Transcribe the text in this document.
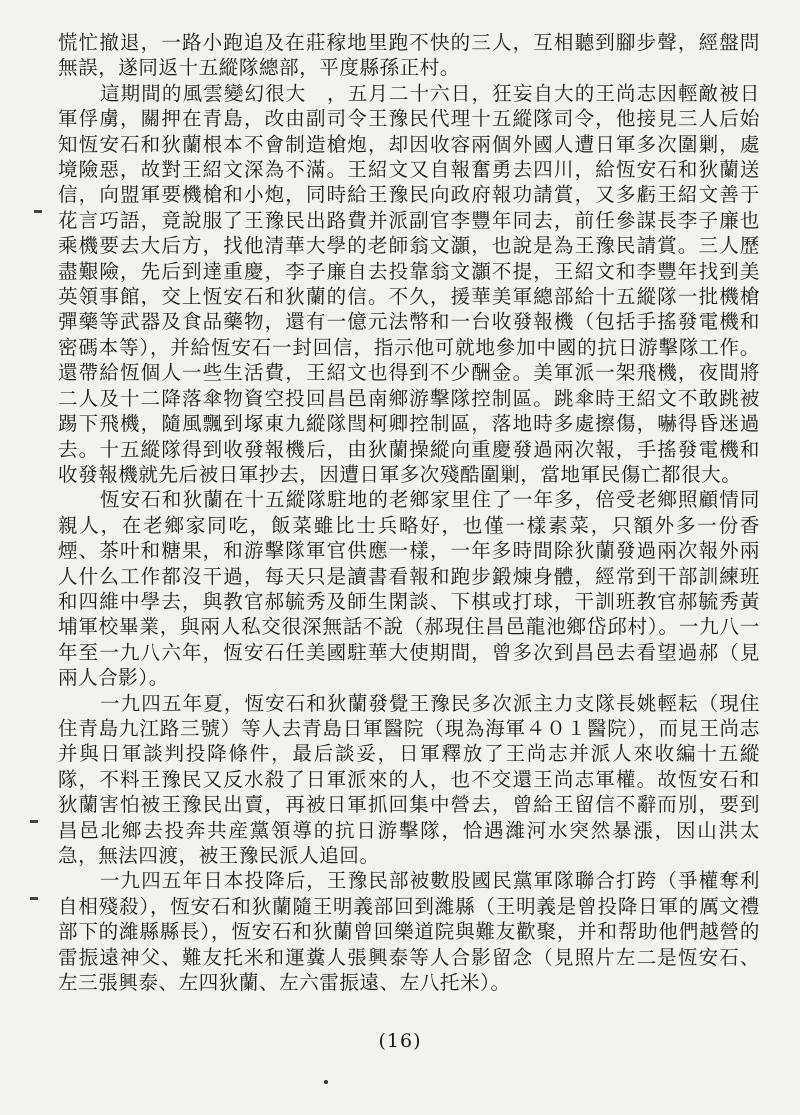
慌忙撤退，一路小跑追及在莊稼地里跑不快的三人，互相聽到腳步聲，經盤問無誤，遂同返十五縱隊總部，平度縣孫正村。

這期間的風雲變幻很大　，五月二十六日，狂妄自大的王尚志因輕敵被日軍俘虜，關押在青島，改由副司令王豫民代理十五縱隊司令，他接見三人后始知恆安石和狄蘭根本不會制造槍炮，却因收容兩個外國人遭日軍多次圍剿，處境險惡，故對王紹文深為不滿。王紹文又自報奮勇去四川，給恆安石和狄蘭送信，向盟軍要機槍和小炮，同時給王豫民向政府報功請賞，又多虧王紹文善于花言巧語，竟說服了王豫民出路費并派副官李豐年同去，前任參謀長李子廉也乘機要去大后方，找他清華大學的老師翁文灝，也說是為王豫民請賞。三人歷盡艱險，先后到達重慶，李子廉自去投靠翁文灝不提，王紹文和李豐年找到美英領事館，交上恆安石和狄蘭的信。不久，援華美軍總部給十五縱隊一批機槍彈藥等武器及食品藥物，還有一億元法幣和一台收發報機（包括手搖發電機和密碼本等），并給恆安石一封回信，指示他可就地參加中國的抗日游擊隊工作。還帶給恆個人一些生活費，王紹文也得到不少酬金。美軍派一架飛機，夜間將二人及十二降落傘物資空投回昌邑南鄉游擊隊控制區。跳傘時王紹文不敢跳被踢下飛機，隨風飄到塚東九縱隊閆柯卿控制區，落地時多處擦傷，嚇得昏迷過去。十五縱隊得到收發報機后，由狄蘭操縱向重慶發過兩次報，手搖發電機和收發報機就先后被日軍抄去，因遭日軍多次殘酷圍剿，當地軍民傷亡都很大。

恆安石和狄蘭在十五縱隊駐地的老鄉家里住了一年多，倍受老鄉照顧情同親人，在老鄉家同吃，飯菜雖比士兵略好，也僅一樣素菜，只額外多一份香煙、茶叶和糖果，和游擊隊軍官供應一樣，一年多時間除狄蘭發過兩次報外兩人什么工作都沒干過，每天只是讀書看報和跑步鍛煉身體，經常到干部訓練班和四維中學去，與教官郝毓秀及師生閑談、下棋或打球，干訓班教官郝毓秀黃埔軍校畢業，與兩人私交很深無話不說（郝現住昌邑龍池鄉岱邱村）。一九八一年至一九八六年，恆安石任美國駐華大使期間，曾多次到昌邑去看望過郝（見兩人合影）。

一九四五年夏，恆安石和狄蘭發覺王豫民多次派主力支隊長姚輕耘（現住住青島九江路三號）等人去青島日軍醫院（現為海軍４０１醫院），而見王尚志并與日軍談判投降條件，最后談妥，日軍釋放了王尚志并派人來收編十五縱隊，不料王豫民又反水殺了日軍派來的人，也不交還王尚志軍權。故恆安石和狄蘭害怕被王豫民出賣，再被日軍抓回集中營去，曾給王留信不辭而別，要到昌邑北鄉去投奔共産黨領導的抗日游擊隊，恰遇濰河水突然暴漲，因山洪太急，無法四渡，被王豫民派人追回。

一九四五年日本投降后，王豫民部被數股國民黨軍隊聯合打跨（爭權奪利自相殘殺），恆安石和狄蘭隨王明義部回到濰縣（王明義是曾投降日軍的厲文禮部下的濰縣縣長），恆安石和狄蘭曾回樂道院與難友歡聚，并和帮助他們越營的雷振遠神父、難友托米和運糞人張興泰等人合影留念（見照片左二是恆安石、左三張興泰、左四狄蘭、左六雷振遠、左八托米）。

(16)
